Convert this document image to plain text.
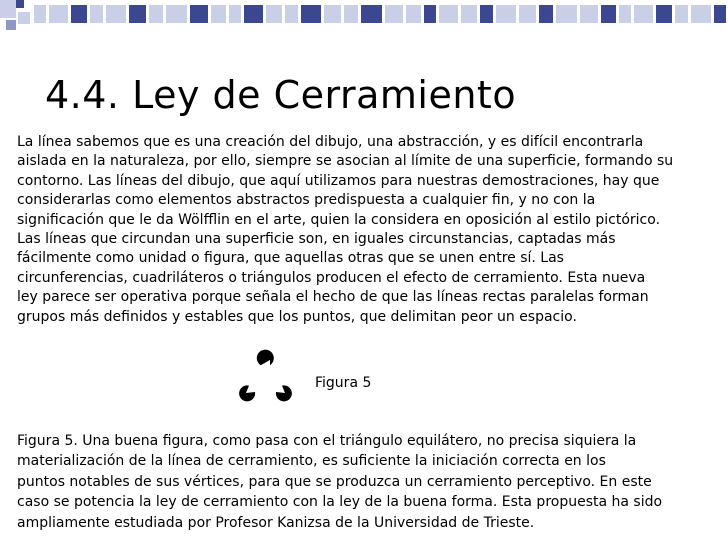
4.4. Ley de Cerramiento
La línea sabemos que es una creación del dibujo, una abstracción, y es difícil encontrarla
aislada en la naturaleza, por ello, siempre se asocian al límite de una superficie, formando su
contorno. Las líneas del dibujo, que aquí utilizamos para nuestras demostraciones, hay que
considerarlas como elementos abstractos predispuesta a cualquier fin, y no con la
significación que le da Wölfflin en el arte, quien la considera en oposición al estilo pictórico.
Las líneas que circundan una superficie son, en iguales circunstancias, captadas más
fácilmente como unidad o figura, que aquellas otras que se unen entre sí. Las
circunferencias, cuadriláteros o triángulos producen el efecto de cerramiento. Esta nueva
ley parece ser operativa porque señala el hecho de que las líneas rectas paralelas forman
grupos más definidos y estables que los puntos, que delimitan peor un espacio.
Figura 5
Figura 5. Una buena figura, como pasa con el triángulo equilátero, no precisa siquiera la
materialización de la línea de cerramiento, es suficiente la iniciación correcta en los
puntos notables de sus vértices, para que se produzca un cerramiento perceptivo. En este
caso se potencia la ley de cerramiento con la ley de la buena forma. Esta propuesta ha sido
ampliamente estudiada por Profesor Kanizsa de la Universidad de Trieste.
